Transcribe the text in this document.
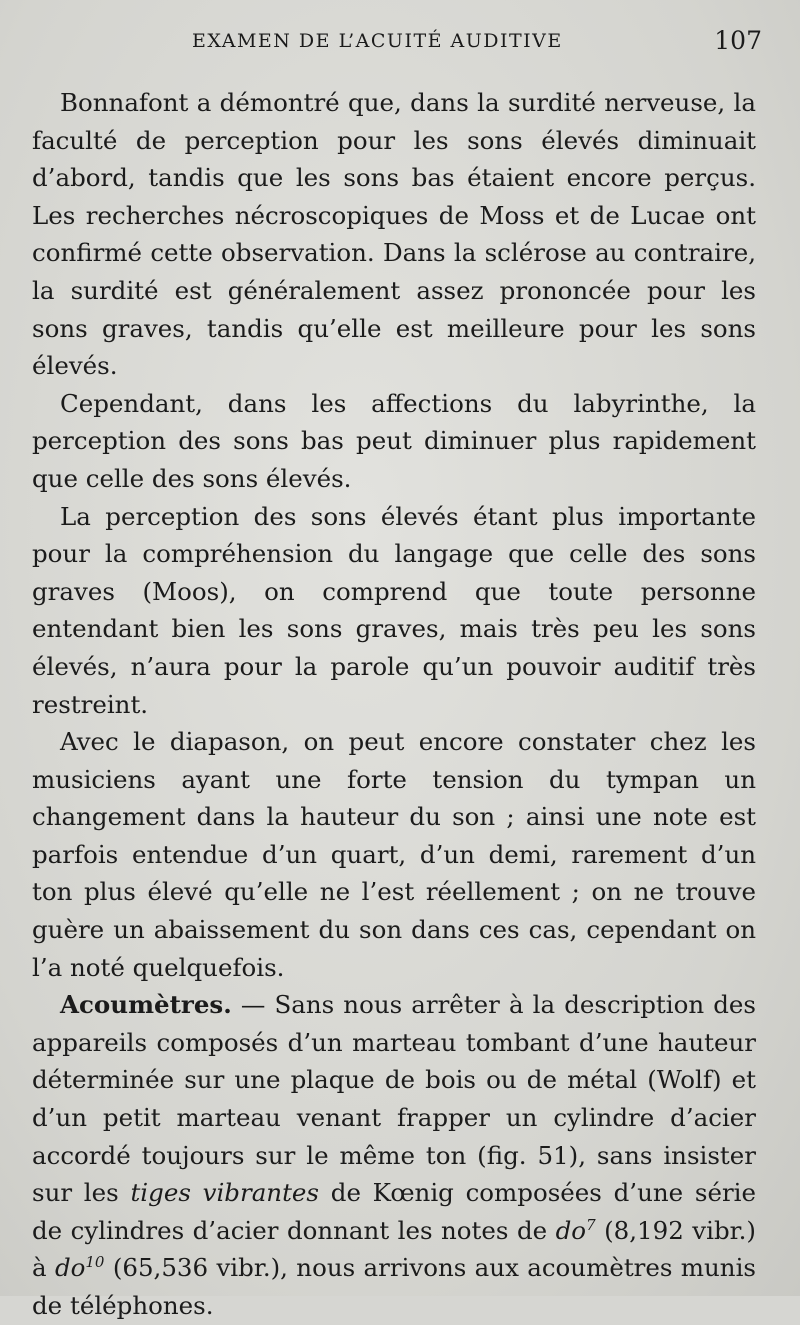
EXAMEN DE L’ACUITÉ AUDITIVE	107

Bonnafont a démontré que, dans la surdité nerveuse, la faculté de perception pour les sons élevés diminuait d’abord, tandis que les sons bas étaient encore perçus. Les recherches nécroscopiques de Moss et de Lucae ont confirmé cette observation. Dans la sclérose au contraire, la surdité est généralement assez prononcée pour les sons graves, tandis qu’elle est meilleure pour les sons élevés.

Cependant, dans les affections du labyrinthe, la perception des sons bas peut diminuer plus rapidement que celle des sons élevés.

La perception des sons élevés étant plus importante pour la compréhension du langage que celle des sons graves (Moos), on comprend que toute personne entendant bien les sons graves, mais très peu les sons élevés, n’aura pour la parole qu’un pouvoir auditif très restreint.

Avec le diapason, on peut encore constater chez les musiciens ayant une forte tension du tympan un changement dans la hauteur du son ; ainsi une note est parfois entendue d’un quart, d’un demi, rarement d’un ton plus élevé qu’elle ne l’est réellement ; on ne trouve guère un abaissement du son dans ces cas, cependant on l’a noté quelquefois.

Acoumètres. — Sans nous arrêter à la description des appareils composés d’un marteau tombant d’une hauteur déterminée sur une plaque de bois ou de métal (Wolf) et d’un petit marteau venant frapper un cylindre d’acier accordé toujours sur le même ton (fig. 51), sans insister sur les tiges vibrantes de Kœnig composées d’une série de cylindres d’acier donnant les notes de $do^7$ (8,192 vibr.) à $do^{10}$ (65,536 vibr.), nous arrivons aux acoumètres munis de téléphones.
